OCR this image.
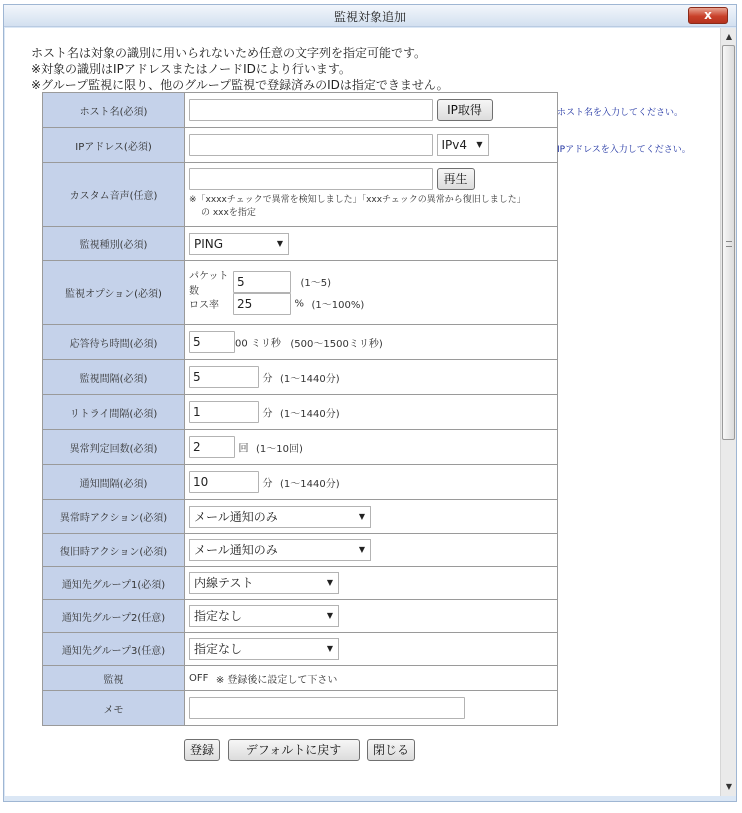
監視対象追加	x
ホスト名は対象の識別に用いられないため任意の文字列を指定可能です。
※対象の識別はIPアドレスまたはノードIDにより行います。
※グループ監視に限り、他のグループ監視で登録済みのIDは指定できません。
ホスト名(必須)	IP取得
IPアドレス(必須)	IPv4 ▼

カスタム音声(任意)	再生
※「xxxxチェックで異常を検知しました」「xxxチェックの異常から復旧しました」
の xxxを指定

監視種別(必須)	PING ▼

監視オプション(必須)	パケット数5 (1〜5)
ロス率 25 % (1〜100%)

応答待ち時間(必須)	5 00 ミリ秒 (500〜1500ミリ秒)
監視間隔(必須)	5 分 (1〜1440分)
リトライ間隔(必須)	1 分 (1〜1440分)
異常判定回数(必須)	2 回 (1〜10回)
通知間隔(必須)	10 分 (1〜1440分)
異常時アクション(必須)	メール通知のみ ▼

復旧時アクション(必須)	メール通知のみ ▼

通知先グループ1(必須)	内線テスト ▼

通知先グループ2(任意)	指定なし ▼

通知先グループ3(任意)	指定なし ▼

監視	OFF ※ 登録後に設定して下さい
メモ	
ホスト名を入力してください。
IPアドレスを入力してください。
登録	デフォルトに戻す	閉じる
▲
▼
